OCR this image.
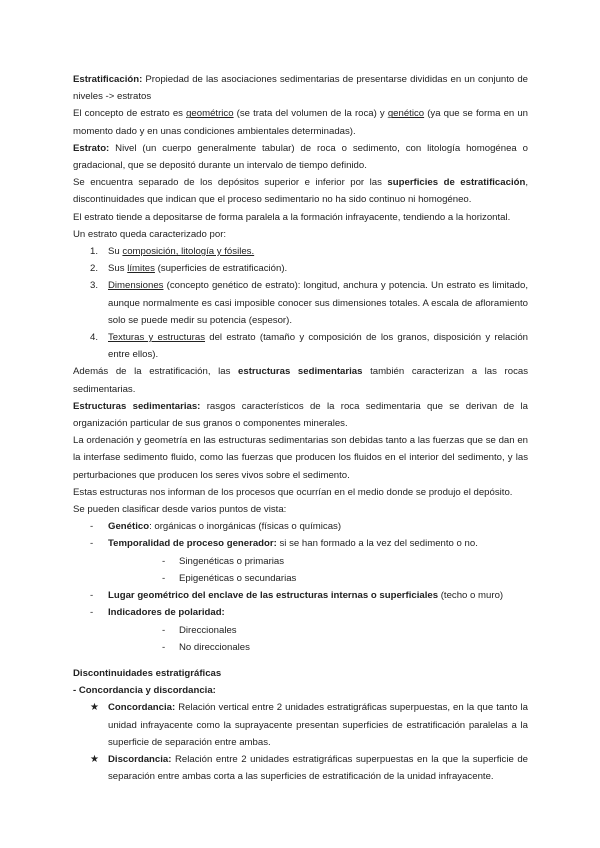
Estratificación: Propiedad de las asociaciones sedimentarias de presentarse divididas en un conjunto de niveles -> estratos

El concepto de estrato es geométrico (se trata del volumen de la roca) y genético (ya que se forma en un momento dado y en unas condiciones ambientales determinadas).

Estrato: Nivel (un cuerpo generalmente tabular) de roca o sedimento, con litología homogénea o gradacional, que se depositó durante un intervalo de tiempo definido.

Se encuentra separado de los depósitos superior e inferior por las superficies de estratificación, discontinuidades que indican que el proceso sedimentario no ha sido continuo ni homogéneo.

El estrato tiende a depositarse de forma paralela a la formación infrayacente, tendiendo a la horizontal.

Un estrato queda caracterizado por:

1. Su composición, litología y fósiles.
2. Sus límites (superficies de estratificación).
3. Dimensiones (concepto genético de estrato): longitud, anchura y potencia. Un estrato es limitado, aunque normalmente es casi imposible conocer sus dimensiones totales. A escala de afloramiento solo se puede medir su potencia (espesor).
4. Texturas y estructuras del estrato (tamaño y composición de los granos, disposición y relación entre ellos).

Además de la estratificación, las estructuras sedimentarias también caracterizan a las rocas sedimentarias.

Estructuras sedimentarias: rasgos característicos de la roca sedimentaria que se derivan de la organización particular de sus granos o componentes minerales.

La ordenación y geometría en las estructuras sedimentarias son debidas tanto a las fuerzas que se dan en la interfase sedimento fluido, como las fuerzas que producen los fluidos en el interior del sedimento, y las perturbaciones que producen los seres vivos sobre el sedimento.

Estas estructuras nos informan de los procesos que ocurrían en el medio donde se produjo el depósito.

Se pueden clasificar desde varios puntos de vista:

- Genético: orgánicas o inorgánicas (físicas o químicas)
- Temporalidad de proceso generador: si se han formado a la vez del sedimento o no.
- Singenéticas o primarias
- Epigenéticas o secundarias
- Lugar geométrico del enclave de las estructuras internas o superficiales (techo o muro)
- Indicadores de polaridad:
- Direccionales
- No direccionales

Discontinuidades estratigráficas

- Concordancia y discordancia:

★ Concordancia: Relación vertical entre 2 unidades estratigráficas superpuestas, en la que tanto la unidad infrayacente como la suprayacente presentan superficies de estratificación paralelas a la superficie de separación entre ambas.
★ Discordancia: Relación entre 2 unidades estratigráficas superpuestas en la que la superficie de separación entre ambas corta a las superficies de estratificación de la unidad infrayacente.
